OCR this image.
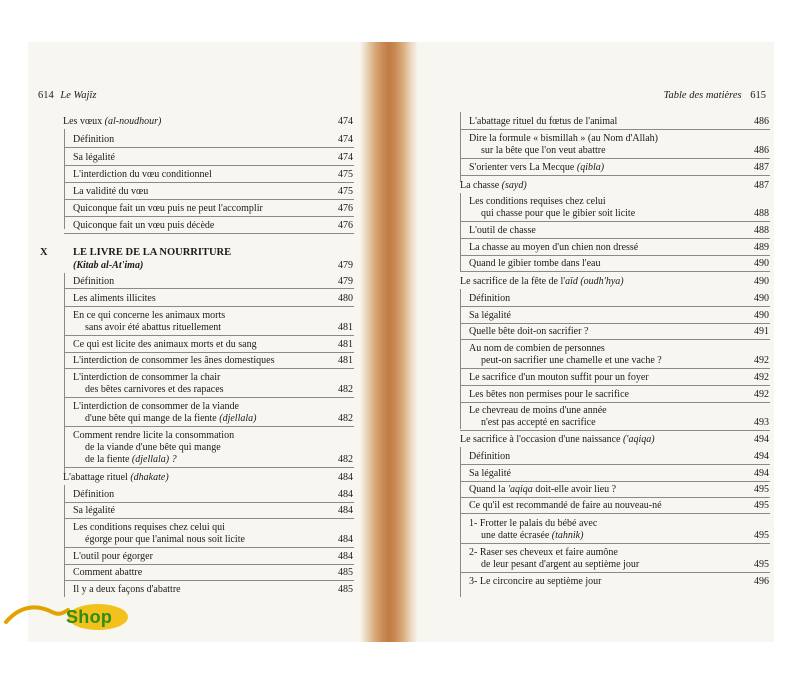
614 Le Wajîz	Table des matières 615
Les vœux (al-noudhour)	474
Définition	474
Sa légalité	474
L'interdiction du vœu conditionnel	475
La validité du vœu	475
Quiconque fait un vœu puis ne peut l'accomplir	476
Quiconque fait un vœu puis décède	476
X LE LIVRE DE LA NOURRITURE
(Kitab al-At'ima)	479
Définition	479
Les aliments illicites	480
En ce qui concerne les animaux morts
sans avoir été abattus rituellement	481
Ce qui est licite des animaux morts et du sang	481
L'interdiction de consommer les ânes domestiques	481
L'interdiction de consommer la chair
des bêtes carnivores et des rapaces	482
L'interdiction de consommer de la viande
d'une bête qui mange de la fiente (djellala)	482
Comment rendre licite la consommation
de la viande d'une bête qui mange
de la fiente (djellala) ?	482
L'abattage rituel (dhakate)	484
Définition	484
Sa légalité	484
Les conditions requises chez celui qui
égorge pour que l'animal nous soit licite	484
L'outil pour égorger	484
Comment abattre	485
Il y a deux façons d'abattre	485
L'abattage rituel du fœtus de l'animal	486
Dire la formule « bismillah » (au Nom d'Allah)
sur la bête que l'on veut abattre	486
S'orienter vers La Mecque (qibla)	487
La chasse (sayd)	487
Les conditions requises chez celui
qui chasse pour que le gibier soit licite	488
L'outil de chasse	488
La chasse au moyen d'un chien non dressé	489
Quand le gibier tombe dans l'eau	490
Le sacrifice de la fête de l'aïd (oudh'hya)	490
Définition	490
Sa légalité	490
Quelle bête doit-on sacrifier ?	491
Au nom de combien de personnes
peut-on sacrifier une chamelle et une vache ?	492
Le sacrifice d'un mouton suffit pour un foyer	492
Les bêtes non permises pour le sacrifice	492
Le chevreau de moins d'une année
n'est pas accepté en sacrifice	493
Le sacrifice à l'occasion d'une naissance ('aqiqa)	494
Définition	494
Sa légalité	494
Quand la 'aqiqa doit-elle avoir lieu ?	495
Ce qu'il est recommandé de faire au nouveau-né	495
1- Frotter le palais du bébé avec
une datte écrasée (tahnik)	495
2- Raser ses cheveux et faire aumône
de leur pesant d'argent au septième jour	495
3- Le circoncire au septième jour	496
Shop
